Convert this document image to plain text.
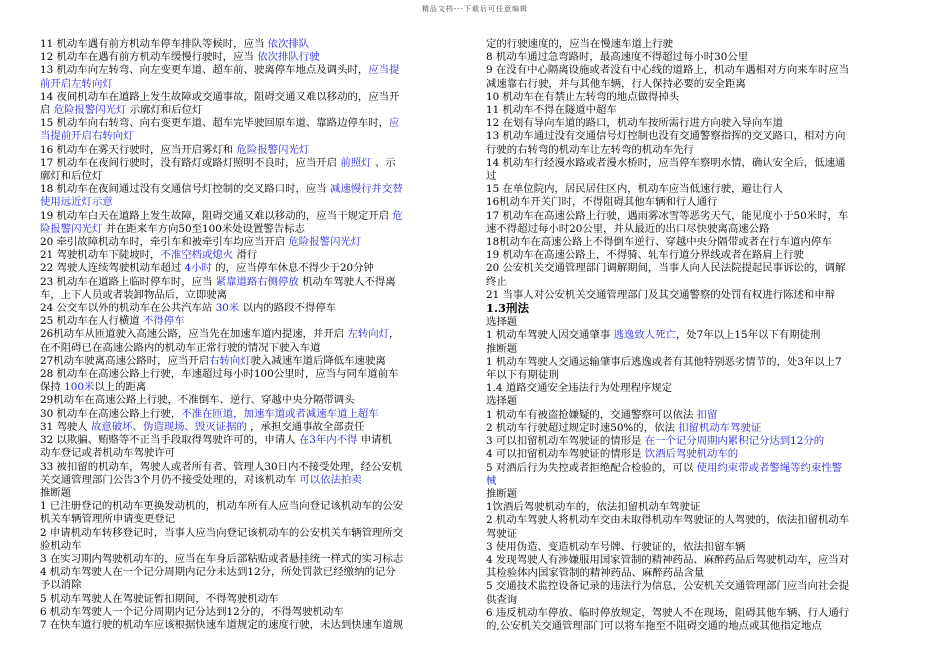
精品文档---下载后可任意编辑

11 机动车遇有前方机动车停车排队等候时，应当 依次排队

12 机动车在遇有前方机动车缓慢行驶时，应当 依次排队行驶

13 机动车向左转弯、向左变更车道、超车前、驶离停车地点及调头时，应当提

前开启左转向灯

14 夜间机动车在道路上发生故障或交通事故，阻碍交通又难以移动的，应当开

启 危险报警闪光灯 示廓灯和后位灯

15 机动车向右转弯、向右变更车道、超车完毕驶回原车道、靠路边停车时，应

当提前开启右转向灯

16 机动车在雾天行驶时，应当开启雾灯和 危险报警闪光灯

17 机动车在夜间行驶时，没有路灯或路灯照明不良时，应当开启 前照灯 、示

廓灯和后位灯

18 机动车在夜间通过没有交通信号灯控制的交叉路口时，应当 减速慢行并交替

使用远近灯示意

19 机动车白天在道路上发生故障，阻碍交通又难以移动的，应当干规定开启 危

险报警闪光灯 并在距来车方向50至100米处设置警告标志

20 牵引故障机动车时，牵引车和被牵引车均应当开启 危险报警闪光灯

21 驾驶机动车下陡坡时，不准空档或熄火 滑行

22 驾驶人连续驾驶机动车超过 4小时 的，应当停车休息不得少于20分钟

23 机动车在道路上临时停车时，应当 紧靠道路右侧停放 机动车驾驶人不得离

车，上下人员或者装卸物品后，立即驶离

24 公交车以外的机动车在公共汽车站 30米 以内的路段不得停车

25 机动车在人行横道 不得停车

26机动车从匝道驶入高速公路，应当先在加速车道内提速，并开启 左转向灯，

在不阻碍已在高速公路内的机动车正常行驶的情况下驶入车道

27机动车驶离高速公路时，应当开启右转向灯驶入减速车道后降低车速驶离

28 机动车在高速公路上行驶，车速超过每小时100公里时，应当与同车道前车

保持 100米以上的距离

29机动车在高速公路上行驶，不准倒车、逆行、穿越中央分隔带调头

30 机动车在高速公路上行驶，不准在匝道，加速车道或者减速车道上超车

31 驾驶人 故意破坏、伪造现场、毁灭证据的 ，承担交通事故全部责任

32 以欺骗、贿赂等不正当手段取得驾驶许可的，申请人 在3年内不得 申请机

动车登记或者机动车驾驶许可

33 被扣留的机动车，驾驶人或者所有者、管理人30日内不接受处理，经公安机

关交通管理部门公告3个月仍不接受处理的，对该机动车 可以依法拍卖

推断题

1 已注册登记的机动车更换发动机的，机动车所有人应当向登记该机动车的公安

机关车辆管理所申请变更登记

2 申请机动车转移登记时，当事人应当向登记该机动车的公安机关车辆管理所交

验机动车

3 在实习期内驾驶机动车的，应当在车身后部粘贴或者悬挂统一样式的实习标志

4 机动车驾驶人在一个记分周期内记分未达到12分，所处罚款已经缴纳的记分

予以消除

5 机动车驾驶人在驾驶证暂扣期间，不得驾驶机动车

6 机动车驾驶人一个记分周期内记分达到12分的，不得驾驶机动车

7 在快车道行驶的机动车应该根据快速车道规定的速度行驶，未达到快速车道规

定的行驶速度的，应当在慢速车道上行驶

8 机动车通过急弯路时，最高速度不得超过每小时30公里

9 在没有中心隔离设施或者没有中心线的道路上，机动车遇相对方向来车时应当

减速靠右行驶，并与其他车辆，行人保持必要的安全距离

10 机动车在有禁止左转弯的地点做得掉头

11 机动车不得在隧道中超车

12 在划有导向车道的路口，机动车按所需行进方向驶入导向车道

13 机动车通过没有交通信号灯控制也没有交通警察指挥的交叉路口，相对方向

行驶的右转弯的机动车让左转弯的机动车先行

14 机动车行经漫水路或者漫水桥时，应当停车察明水情，确认安全后，低速通

过

15 在单位院内，居民居住区内，机动车应当低速行驶，避让行人

16机动车开关门时，不得阻碍其他车辆和行人通行

17 机动车在高速公路上行驶，遇雨雾冰雪等恶劣天气，能见度小于50米时，车

速不得超过每小时20公里，并从最近的出口尽快驶离高速公路

18机动车在高速公路上不得倒车逆行、穿越中央分隔带或者在行车道内停车

19 机动车在高速公路上，不得骑、轧车行道分界线或者在路肩上行驶

20 公安机关交通管理部门调解期间，当事人向人民法院提起民事诉讼的，调解

终止

21 当事人对公安机关交通管理部门及其交通警察的处罚有权进行陈述和申辩

1.3刑法

选择题

1 机动车驾驶人因交通肇事 逃逸致人死亡，处7年以上15年以下有期徒刑

推断题

1 机动车驾驶人交通运输肇事后逃逸或者有其他特别恶劣情节的，处3年以上7

年以下有期徒刑

1.4 道路交通安全违法行为处理程序规定

选择题

1 机动车有被盗抢嫌疑的，交通警察可以依法 扣留

2 机动车行驶超过规定时速50%的，依法 扣留机动车驾驶证

3 可以扣留机动车驾驶证的情形是 在一个记分周期内累积记分达到12分的

4 可以扣留机动车驾驶证的情形是 饮酒后驾驶机动车的

5 对酒后行为失控或者拒绝配合检验的，可以 使用约束带或者警绳等约束性警

械

推断题

1饮酒后驾驶机动车的，依法扣留机动车驾驶证

2 机动车驾驶人将机动车交由未取得机动车驾驶证的人驾驶的，依法扣留机动车

驾驶证

3 使用伪造、变造机动车号牌、行驶证的，依法扣留车辆

4 发现驾驶人有涉嫌服用国家管制的精神药品、麻醉药品后驾驶机动车，应当对

其检验体内国家管制的精神药品、麻醉药品含量

5 交通技术监控设备记录的违法行为信息，公安机关交通管理部门应当向社会提

供查询

6 违反机动车停放、临时停放规定，驾驶人不在现场，阻碍其他车辆、行人通行

的,公安机关交通管理部门可以将车拖至不阻碍交通的地点或其他指定地点
